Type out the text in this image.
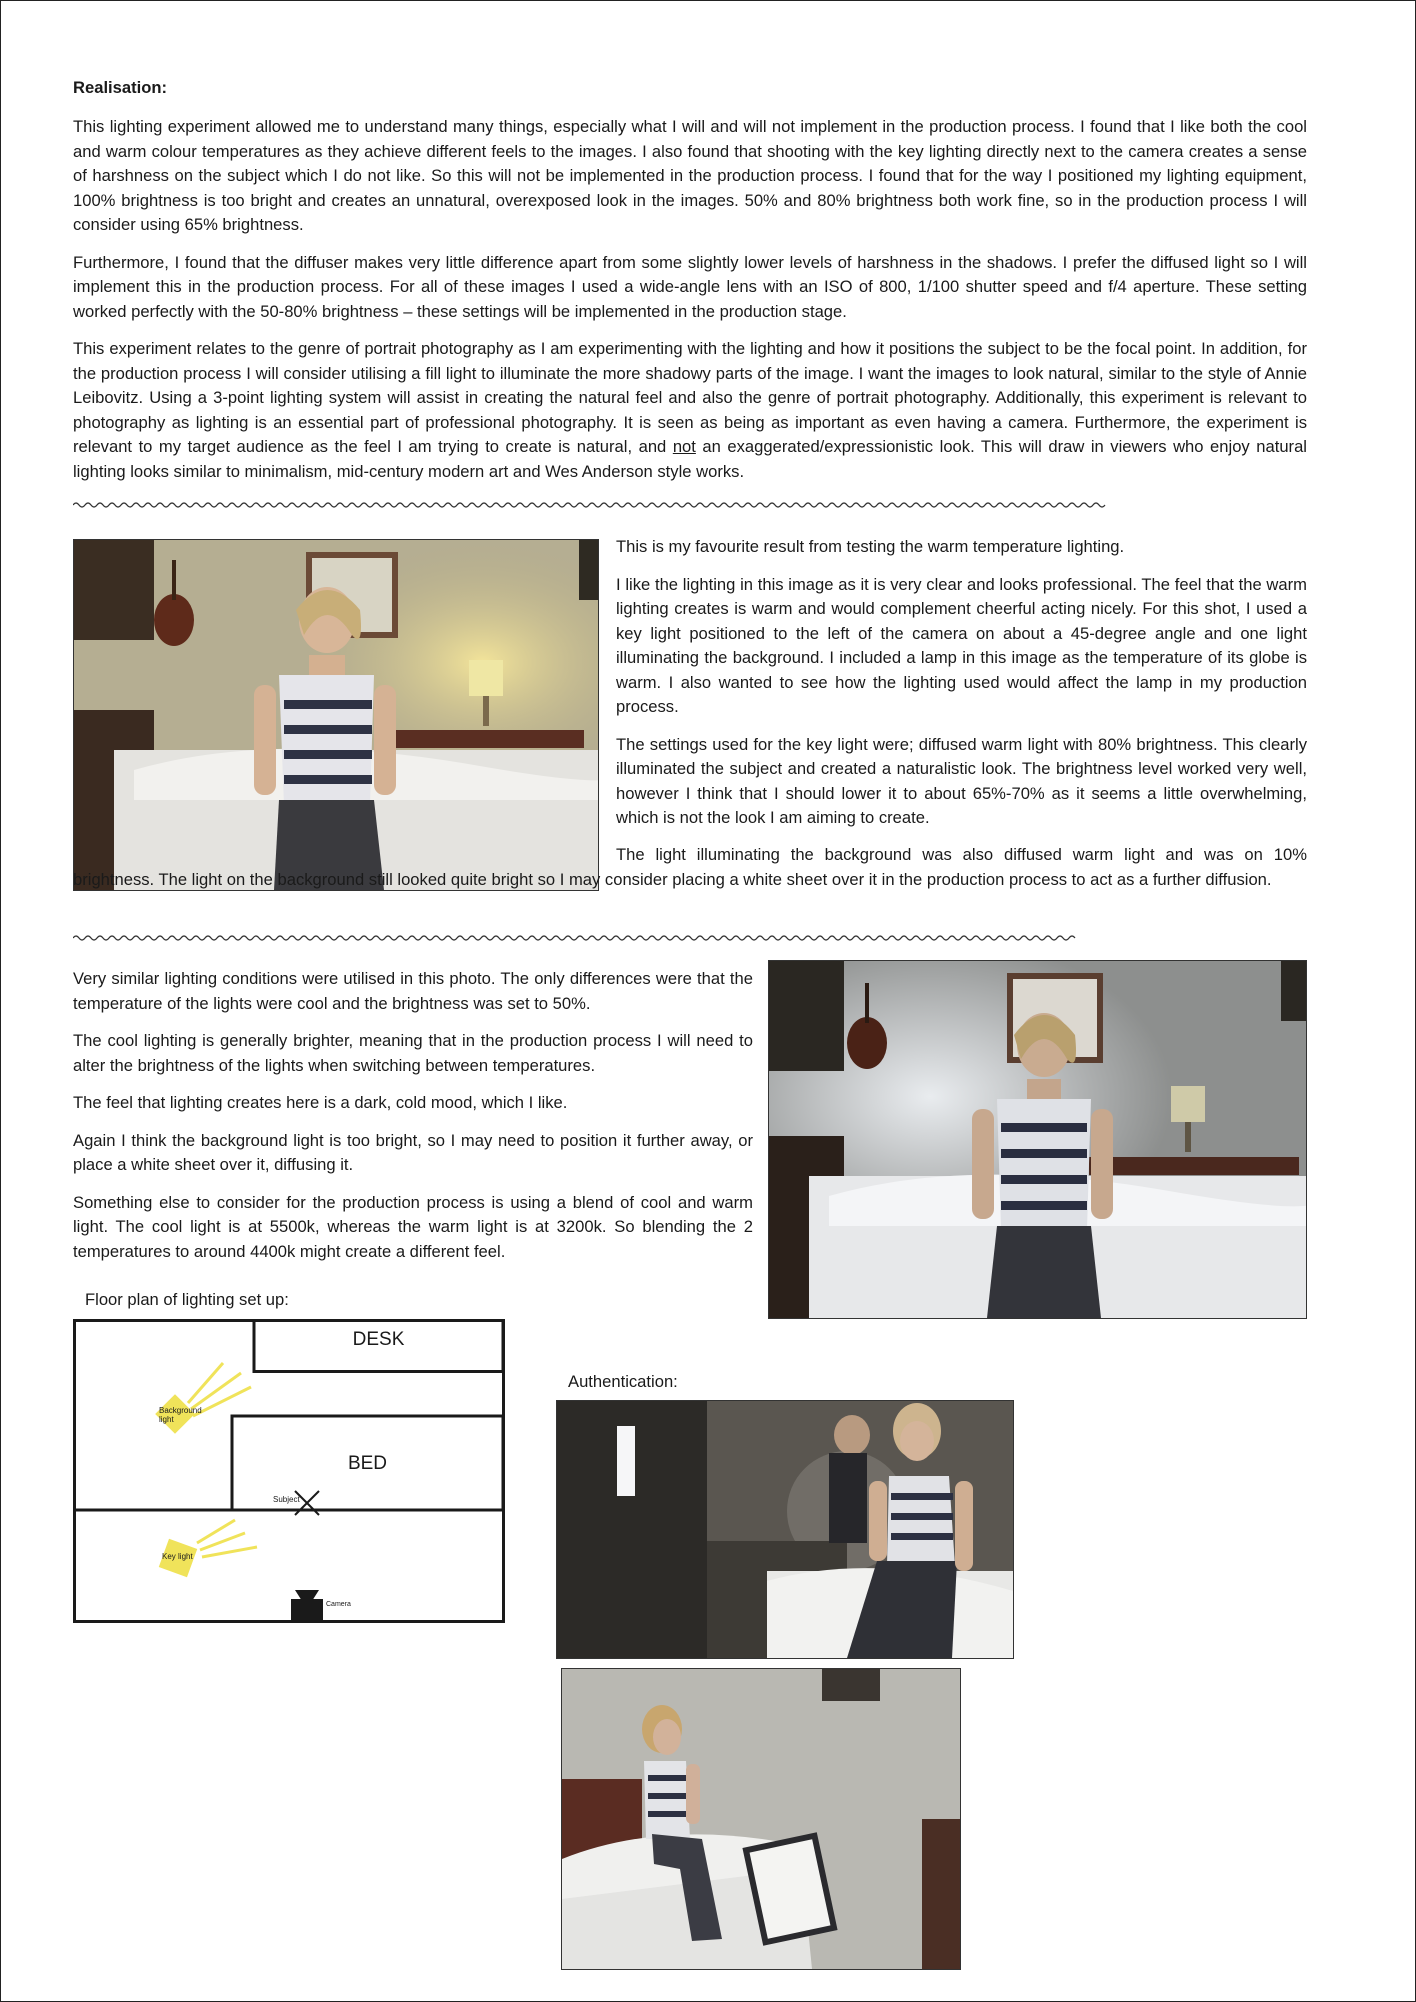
Realisation:

This lighting experiment allowed me to understand many things, especially what I will and will not implement in the production process. I found that I like both the cool and warm colour temperatures as they achieve different feels to the images. I also found that shooting with the key lighting directly next to the camera creates a sense of harshness on the subject which I do not like. So this will not be implemented in the production process. I found that for the way I positioned my lighting equipment, 100% brightness is too bright and creates an unnatural, overexposed look in the images. 50% and 80% brightness both work fine, so in the production process I will consider using 65% brightness.

Furthermore, I found that the diffuser makes very little difference apart from some slightly lower levels of harshness in the shadows. I prefer the diffused light so I will implement this in the production process. For all of these images I used a wide-angle lens with an ISO of 800, 1/100 shutter speed and f/4 aperture. These setting worked perfectly with the 50-80% brightness – these settings will be implemented in the production stage.

This experiment relates to the genre of portrait photography as I am experimenting with the lighting and how it positions the subject to be the focal point. In addition, for the production process I will consider utilising a fill light to illuminate the more shadowy parts of the image. I want the images to look natural, similar to the style of Annie Leibovitz. Using a 3-point lighting system will assist in creating the natural feel and also the genre of portrait photography. Additionally, this experiment is relevant to photography as lighting is an essential part of professional photography. It is seen as being as important as even having a camera. Furthermore, the experiment is relevant to my target audience as the feel I am trying to create is natural, and not an exaggerated/expressionistic look. This will draw in viewers who enjoy natural lighting looks similar to minimalism, mid-century modern art and Wes Anderson style works.

This is my favourite result from testing the warm temperature lighting.

I like the lighting in this image as it is very clear and looks professional. The feel that the warm lighting creates is warm and would complement cheerful acting nicely. For this shot, I used a key light positioned to the left of the camera on about a 45-degree angle and one light illuminating the background. I included a lamp in this image as the temperature of its globe is warm. I also wanted to see how the lighting used would affect the lamp in my production process.

The settings used for the key light were; diffused warm light with 80% brightness. This clearly illuminated the subject and created a naturalistic look. The brightness level worked very well, however I think that I should lower it to about 65%-70% as it seems a little overwhelming, which is not the look I am aiming to create.

The light illuminating the background was also diffused warm light and was on 10% brightness. The light on the background still looked quite bright so I may consider placing a white sheet over it in the production process to act as a further diffusion.

Very similar lighting conditions were utilised in this photo. The only differences were that the temperature of the lights were cool and the brightness was set to 50%.

The cool lighting is generally brighter, meaning that in the production process I will need to alter the brightness of the lights when switching between temperatures.

The feel that lighting creates here is a dark, cold mood, which I like.

Again I think the background light is too bright, so I may need to position it further away, or place a white sheet over it, diffusing it.

Something else to consider for the production process is using a blend of cool and warm light. The cool light is at 5500k, whereas the warm light is at 3200k. So blending the 2 temperatures to around 4400k might create a different feel.

Floor plan of lighting set up:
DESK
BED
Background
light
Subject
Key light
Camera
Authentication:
